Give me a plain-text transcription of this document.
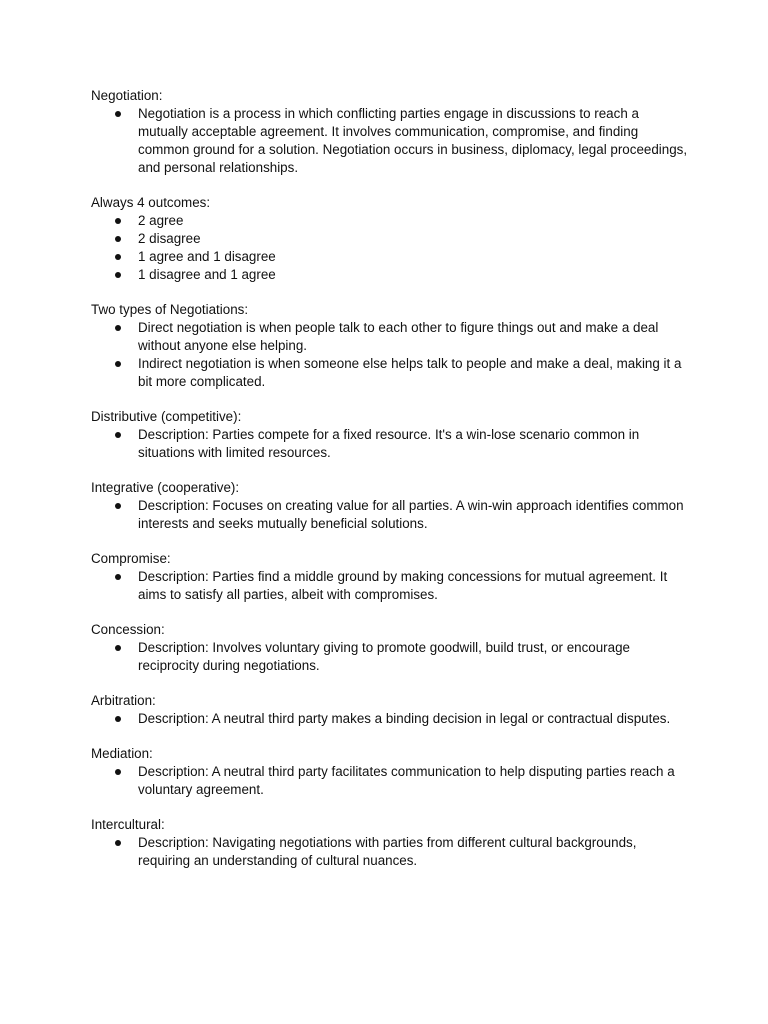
Negotiation:

Negotiation is a process in which conflicting parties engage in discussions to reach a mutually acceptable agreement. It involves communication, compromise, and finding common ground for a solution. Negotiation occurs in business, diplomacy, legal proceedings, and personal relationships.

Always 4 outcomes:

2 agree
2 disagree
1 agree and 1 disagree
1 disagree and 1 agree

Two types of Negotiations:

Direct negotiation is when people talk to each other to figure things out and make a deal without anyone else helping.
Indirect negotiation is when someone else helps talk to people and make a deal, making it a bit more complicated.

Distributive (competitive):

Description: Parties compete for a fixed resource. It's a win-lose scenario common in situations with limited resources.

Integrative (cooperative):

Description: Focuses on creating value for all parties. A win-win approach identifies common interests and seeks mutually beneficial solutions.

Compromise:

Description: Parties find a middle ground by making concessions for mutual agreement. It aims to satisfy all parties, albeit with compromises.

Concession:

Description: Involves voluntary giving to promote goodwill, build trust, or encourage reciprocity during negotiations.

Arbitration:

Description: A neutral third party makes a binding decision in legal or contractual disputes.

Mediation:

Description: A neutral third party facilitates communication to help disputing parties reach a voluntary agreement.

Intercultural:

Description: Navigating negotiations with parties from different cultural backgrounds, requiring an understanding of cultural nuances.
